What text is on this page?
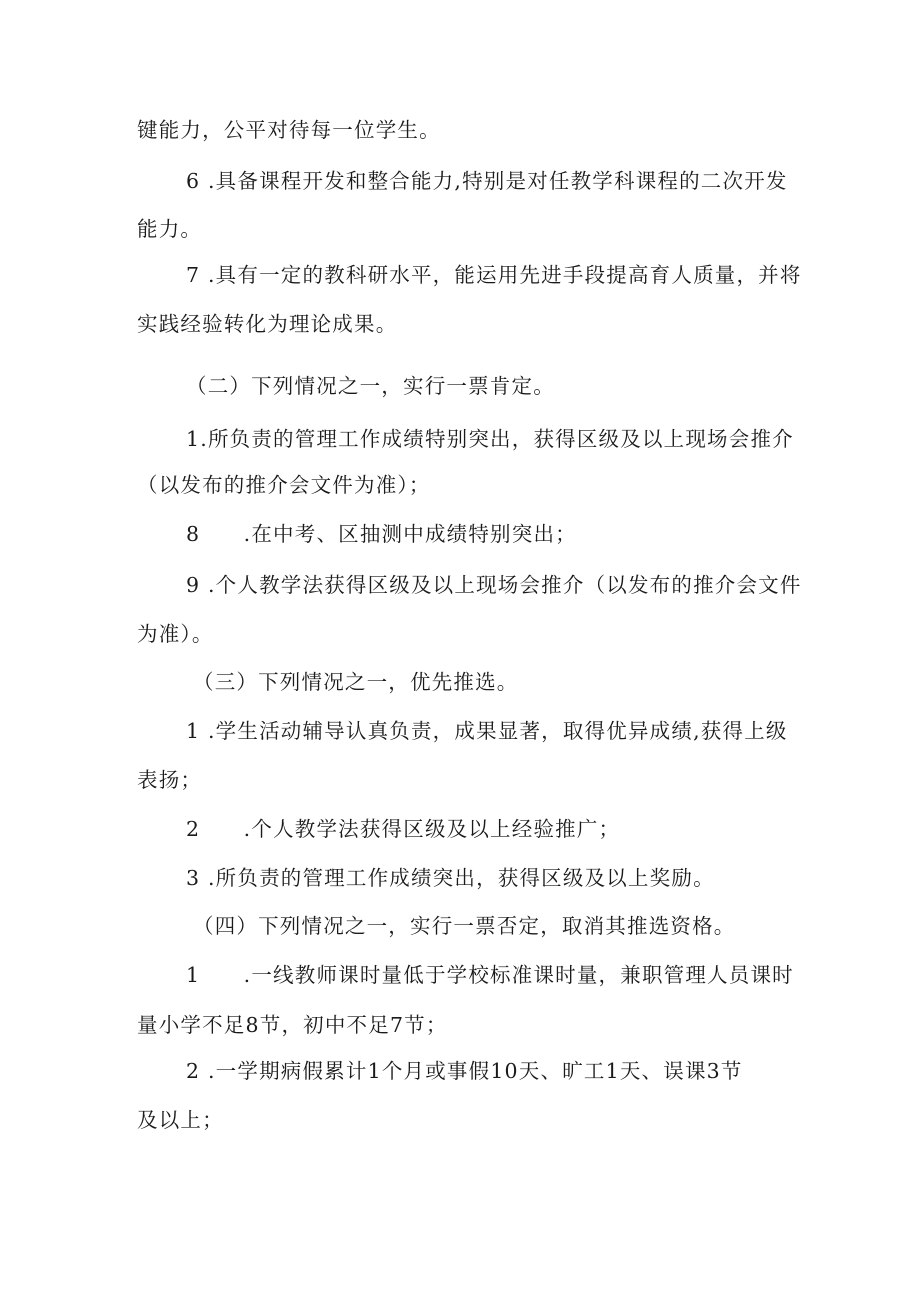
键能力，公平对待每一位学生。
6 .具备课程开发和整合能力,特别是对任教学科课程的二次开发
能力。
7 .具有一定的教科研水平，能运用先进手段提高育人质量，并将
实践经验转化为理论成果。
（二）下列情况之一，实行一票肯定。
1.所负责的管理工作成绩特别突出，获得区级及以上现场会推介
（以发布的推介会文件为准）；
8　　.在中考、区抽测中成绩特别突出；
9 .个人教学法获得区级及以上现场会推介（以发布的推介会文件
为准）。
（三）下列情况之一，优先推选。
1 .学生活动辅导认真负责，成果显著，取得优异成绩,获得上级
表扬；
2　　.个人教学法获得区级及以上经验推广；
3 .所负责的管理工作成绩突出，获得区级及以上奖励。
（四）下列情况之一，实行一票否定，取消其推选资格。
1　　.一线教师课时量低于学校标准课时量，兼职管理人员课时
量小学不足8节，初中不足7节；
2 .一学期病假累计1个月或事假10天、旷工1天、误课3节
及以上；
